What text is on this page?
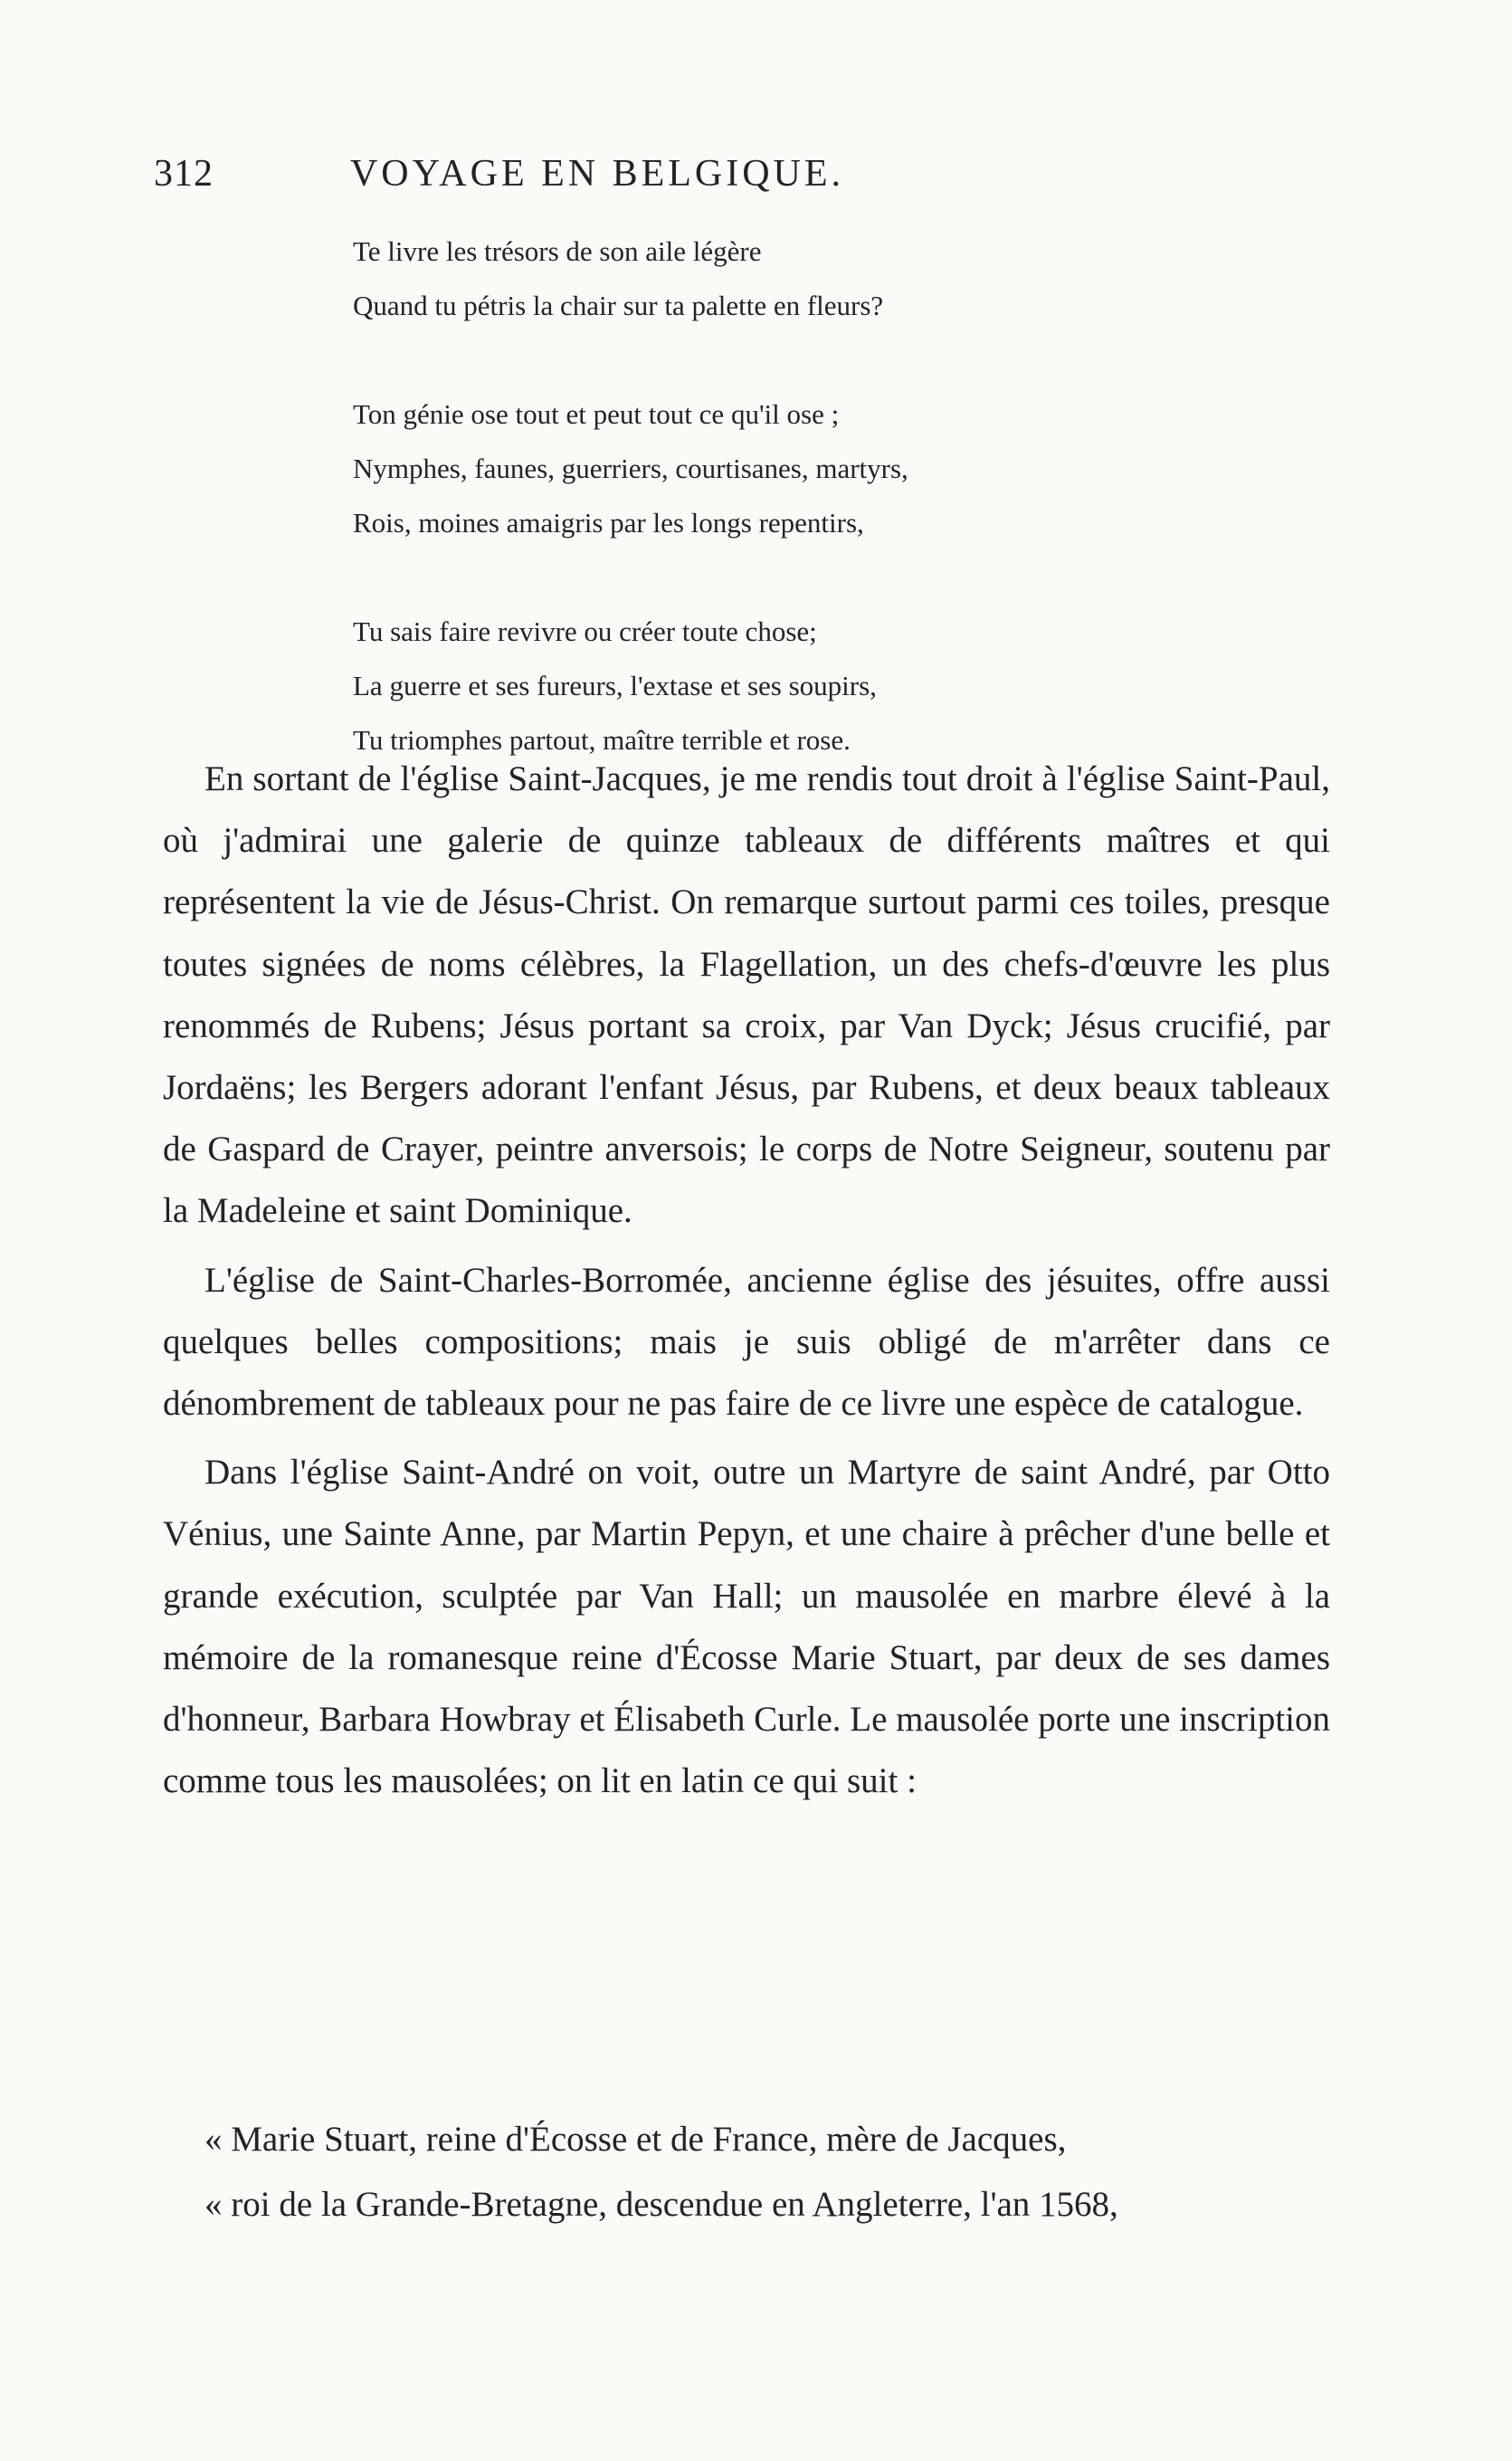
312	VOYAGE EN BELGIQUE.

Te livre les trésors de son aile légère
Quand tu pétris la chair sur ta palette en fleurs?

Ton génie ose tout et peut tout ce qu'il ose ;
Nymphes, faunes, guerriers, courtisanes, martyrs,
Rois, moines amaigris par les longs repentirs,

Tu sais faire revivre ou créer toute chose;
La guerre et ses fureurs, l'extase et ses soupirs,
Tu triomphes partout, maître terrible et rose.

En sortant de l'église Saint-Jacques, je me rendis tout droit à l'église Saint-Paul, où j'admirai une galerie de quinze tableaux de différents maîtres et qui représentent la vie de Jésus-Christ. On remarque surtout parmi ces toiles, presque toutes signées de noms célèbres, la Flagellation, un des chefs-d'œuvre les plus renommés de Rubens; Jésus portant sa croix, par Van Dyck; Jésus crucifié, par Jordaëns; les Bergers adorant l'enfant Jésus, par Rubens, et deux beaux tableaux de Gaspard de Crayer, peintre anversois; le corps de Notre Seigneur, soutenu par la Madeleine et saint Dominique.

L'église de Saint-Charles-Borromée, ancienne église des jésuites, offre aussi quelques belles compositions; mais je suis obligé de m'arrêter dans ce dénombrement de tableaux pour ne pas faire de ce livre une espèce de catalogue.

Dans l'église Saint-André on voit, outre un Martyre de saint André, par Otto Vénius, une Sainte Anne, par Martin Pepyn, et une chaire à prêcher d'une belle et grande exécution, sculptée par Van Hall; un mausolée en marbre élevé à la mémoire de la romanesque reine d'Écosse Marie Stuart, par deux de ses dames d'honneur, Barbara Howbray et Élisabeth Curle. Le mausolée porte une inscription comme tous les mausolées; on lit en latin ce qui suit :

« Marie Stuart, reine d'Écosse et de France, mère de Jacques,
« roi de la Grande-Bretagne, descendue en Angleterre, l'an 1568,
